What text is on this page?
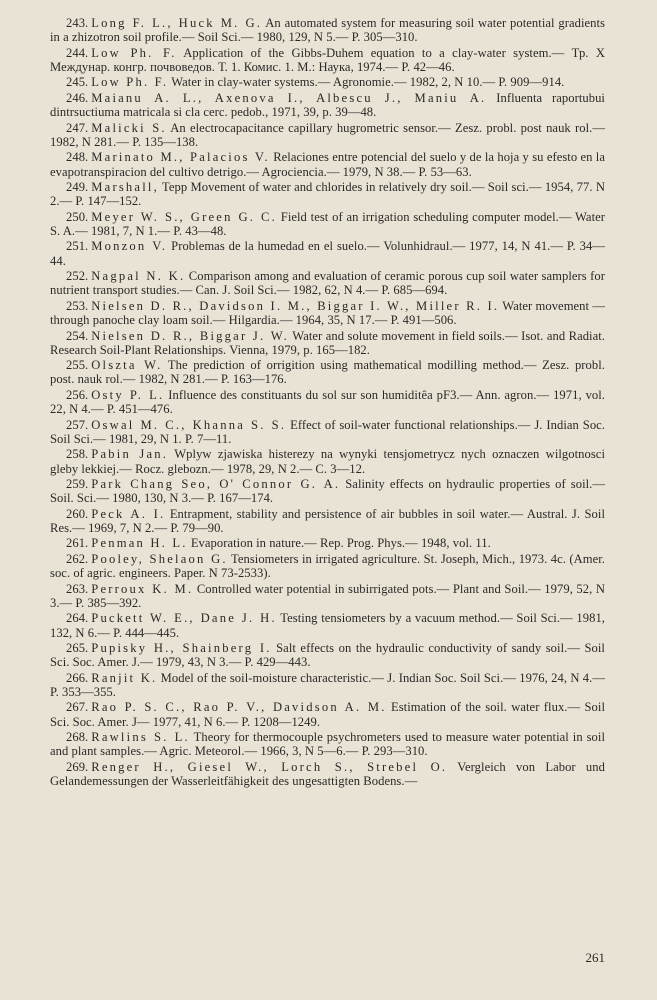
243. Long F. L., Huck M. G. An automated system for measuring soil water potential gradients in a zhizotron soil profile.— Soil Sci.— 1980, 129, N 5.— P. 305—310.

244. Low Ph. F. Application of the Gibbs-Duhem equation to a clay-water system.— Тр. Х Междунар. конгр. почвоведов. Т. 1. Комис. 1. М.: Наука, 1974.— P. 42—46.

245. Low Ph. F. Water in clay-water systems.— Agronomie.— 1982, 2, N 10.— P. 909—914.

246. Maianu A. L., Axenova I., Albescu J., Maniu A. Influenta raportubui dintrsuctiuma matricala si cla cerc. pedob., 1971, 39, p. 39—48.

247. Malicki S. An electrocapacitance capillary hugrometric sensor.— Zesz. probl. post nauk rol.— 1982, N 281.— P. 135—138.

248. Marinato M., Palacios V. Relaciones entre potencial del suelo y de la hoja y su efesto en la evapotranspiracion del cultivo detrigo.— Agrociencia.— 1979, N 38.— P. 53—63.

249. Marshall, Tepp Movement of water and chlorides in relatively dry soil.— Soil sci.— 1954, 77. N 2.— P. 147—152.

250. Meyer W. S., Green G. C. Field test of an irrigation scheduling computer model.— Water S. A.— 1981, 7, N 1.— P. 43—48.

251. Monzon V. Problemas de la humedad en el suelo.— Volunhidraul.— 1977, 14, N 41.— P. 34—44.

252. Nagpal N. K. Comparison among and evaluation of ceramic porous cup soil water samplers for nutrient transport studies.— Can. J. Soil Sci.— 1982, 62, N 4.— P. 685—694.

253. Nielsen D. R., Davidson I. M., Biggar I. W., Miller R. I. Water movement — through panoche clay loam soil.— Hilgardia.— 1964, 35, N 17.— P. 491—506.

254. Nielsen D. R., Biggar J. W. Water and solute movement in field soils.— Isot. and Radiat. Research Soil-Plant Relationships. Vienna, 1979, p. 165—182.

255. Olszta W. The prediction of orrigition using mathematical modilling method.— Zesz. probl. post. nauk rol.— 1982, N 281.— P. 163—176.

256. Osty P. L. Influence des constituants du sol sur son humiditêa pF3.— Ann. agron.— 1971, vol. 22, N 4.— P. 451—476.

257. Oswal M. C., Khanna S. S. Effect of soil-water functional relationships.— J. Indian Soc. Soil Sci.— 1981, 29, N 1. P. 7—11.

258. Pabin Jan. Wplyw zjawiska histerezy na wynyki tensjometrycz nych oznaczen wilgotnosci gleby lekkiej.— Rocz. glebozn.— 1978, 29, N 2.— C. 3—12.

259. Park Chang Seo, O' Connor G. A. Salinity effects on hydraulic properties of soil.— Soil. Sci.— 1980, 130, N 3.— P. 167—174.

260. Peck A. I. Entrapment, stability and persistence of air bubbles in soil water.— Austral. J. Soil Res.— 1969, 7, N 2.— P. 79—90.

261. Penman H. L. Evaporation in nature.— Rep. Prog. Phys.— 1948, vol. 11.

262. Pooley, Shelaon G. Tensiometers in irrigated agriculture. St. Joseph, Mich., 1973. 4c. (Amer. soc. of agric. engineers. Paper. N 73-2533).

263. Perroux K. M. Controlled water potential in subirrigated pots.— Plant and Soil.— 1979, 52, N 3.— P. 385—392.

264. Puckett W. E., Dane J. H. Testing tensiometers by a vacuum method.— Soil Sci.— 1981, 132, N 6.— P. 444—445.

265. Pupisky H., Shainberg I. Salt effects on the hydraulic conductivity of sandy soil.— Soil Sci. Soc. Amer. J.— 1979, 43, N 3.— P. 429—443.

266. Ranjit K. Model of the soil-moisture characteristic.— J. Indian Soc. Soil Sci.— 1976, 24, N 4.— P. 353—355.

267. Rao P. S. C., Rao P. V., Davidson A. M. Estimation of the soil. water flux.— Soil Sci. Soc. Amer. J— 1977, 41, N 6.— P. 1208—1249.

268. Rawlins S. L. Theory for thermocouple psychrometers used to measure water potential in soil and plant samples.— Agric. Meteorol.— 1966, 3, N 5—6.— P. 293—310.

269. Renger H., Giesel W., Lorch S., Strebel O. Vergleich von Labor und Gelandemessungen der Wasserleitfähigkeit des ungesattigten Bodens.—

261
